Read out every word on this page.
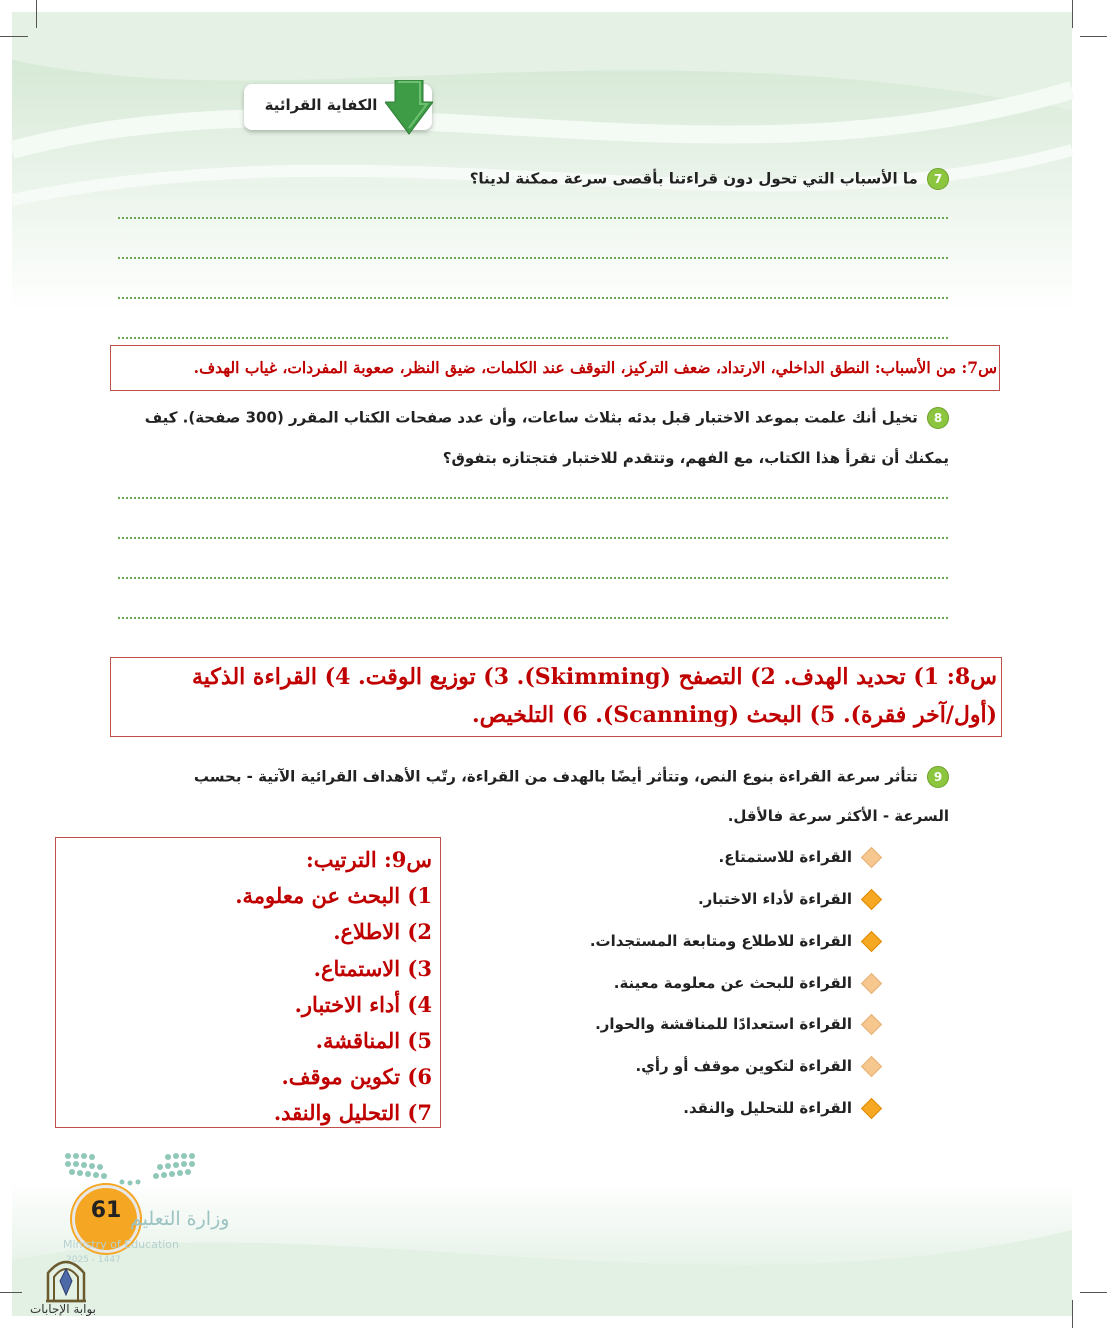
الكفاية القرائية
7 ما الأسباب التي تحول دون قراءتنا بأقصى سرعة ممكنة لدينا؟
س7: من الأسباب: النطق الداخلي، الارتداد، ضعف التركيز، التوقف عند الكلمات، ضيق النظر، صعوبة المفردات، غياب الهدف.
8 تخيل أنك علمت بموعد الاختبار قبل بدئه بثلاث ساعات، وأن عدد صفحات الكتاب المقرر (300 صفحة). كيف
يمكنك أن تقرأ هذا الكتاب، مع الفهم، وتتقدم للاختبار فتجتازه بتفوق؟
س8: 1) تحديد الهدف. 2) التصفح (Skimming). 3) توزيع الوقت. 4) القراءة الذكية
(أول/آخر فقرة). 5) البحث (Scanning). 6) التلخيص.
9 تتأثر سرعة القراءة بنوع النص، وتتأثر أيضًا بالهدف من القراءة، رتّب الأهداف القرائية الآتية - بحسب
السرعة - الأكثر سرعة فالأقل.
القراءة للاستمتاع.
القراءة لأداء الاختبار.
القراءة للاطلاع ومتابعة المستجدات.
القراءة للبحث عن معلومة معينة.
القراءة استعدادًا للمناقشة والحوار.
القراءة لتكوين موقف أو رأي.
القراءة للتحليل والنقد.
س9: الترتيب:
1) البحث عن معلومة.
2) الاطلاع.
3) الاستمتاع.
4) أداء الاختبار.
5) المناقشة.
6) تكوين موقف.
7) التحليل والنقد.
61 وزارة التعليم
Ministry of Education
2025 - 1447
بوابة الإجابات
